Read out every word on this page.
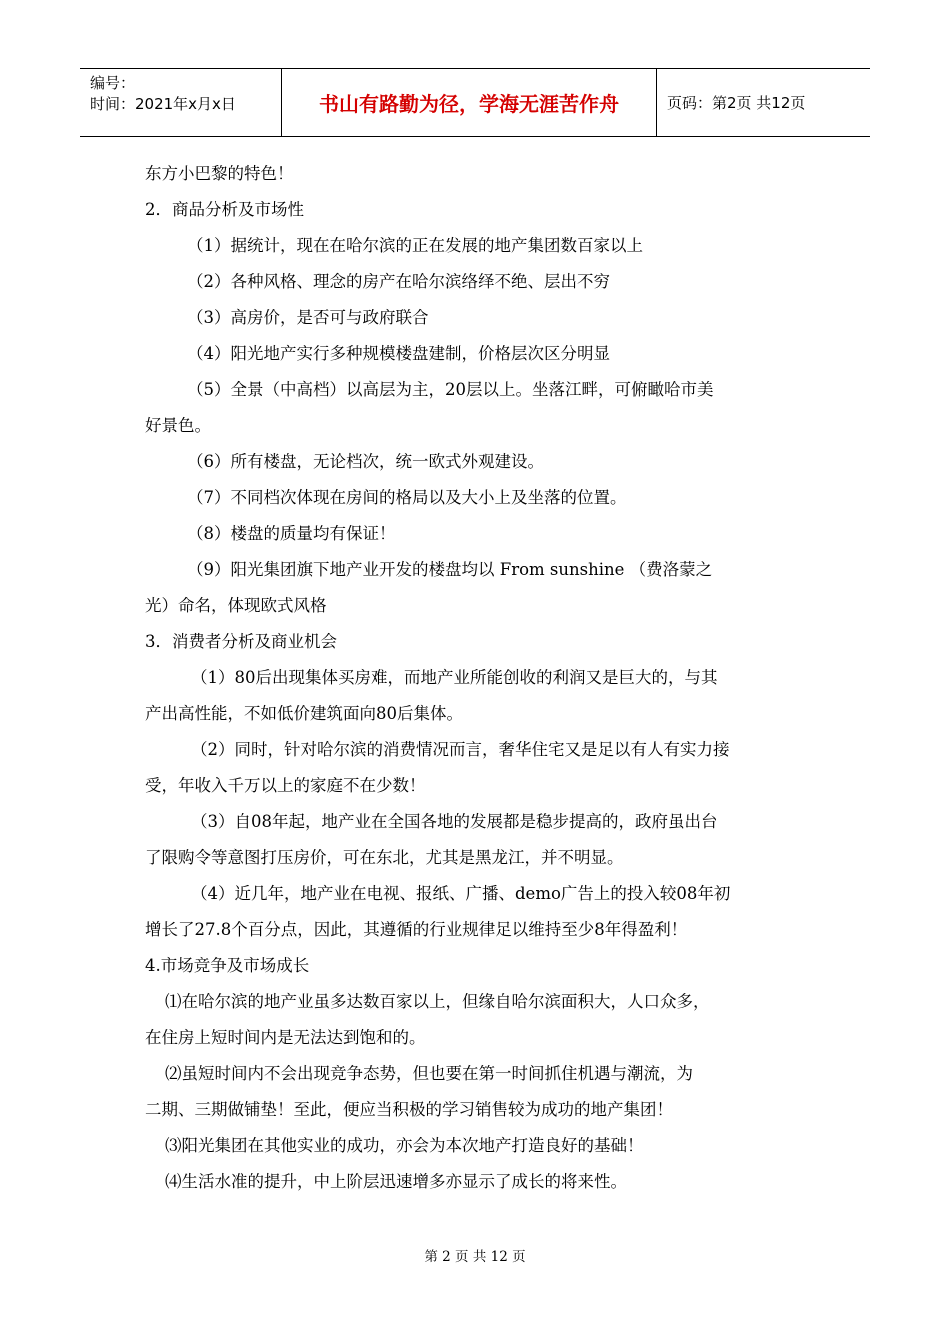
编号：
时间：2021年x月x日	书山有路勤为径，学海无涯苦作舟	页码：第2页 共12页
东方小巴黎的特色！
2．商品分析及市场性
（1）据统计，现在在哈尔滨的正在发展的地产集团数百家以上
（2）各种风格、理念的房产在哈尔滨络绎不绝、层出不穷
（3）高房价，是否可与政府联合
（4）阳光地产实行多种规模楼盘建制，价格层次区分明显
（5）全景（中高档）以高层为主，20层以上。坐落江畔，可俯瞰哈市美
好景色。
（6）所有楼盘，无论档次，统一欧式外观建设。
（7）不同档次体现在房间的格局以及大小上及坐落的位置。
（8）楼盘的质量均有保证！
（9）阳光集团旗下地产业开发的楼盘均以 From sunshine （费洛蒙之
光）命名，体现欧式风格
3．消费者分析及商业机会
（1）80后出现集体买房难，而地产业所能创收的利润又是巨大的，与其
产出高性能，不如低价建筑面向80后集体。
（2）同时，针对哈尔滨的消费情况而言，奢华住宅又是足以有人有实力接
受，年收入千万以上的家庭不在少数！
（3）自08年起，地产业在全国各地的发展都是稳步提高的，政府虽出台
了限购令等意图打压房价，可在东北，尤其是黑龙江，并不明显。
（4）近几年，地产业在电视、报纸、广播、demo广告上的投入较08年初
增长了27.8个百分点，因此，其遵循的行业规律足以维持至少8年得盈利！
4.市场竞争及市场成长
⑴在哈尔滨的地产业虽多达数百家以上，但缘自哈尔滨面积大，人口众多，
在住房上短时间内是无法达到饱和的。
⑵虽短时间内不会出现竞争态势，但也要在第一时间抓住机遇与潮流，为
二期、三期做铺垫！至此，便应当积极的学习销售较为成功的地产集团！
⑶阳光集团在其他实业的成功，亦会为本次地产打造良好的基础！
⑷生活水准的提升，中上阶层迅速增多亦显示了成长的将来性。
第 2 页 共 12 页
